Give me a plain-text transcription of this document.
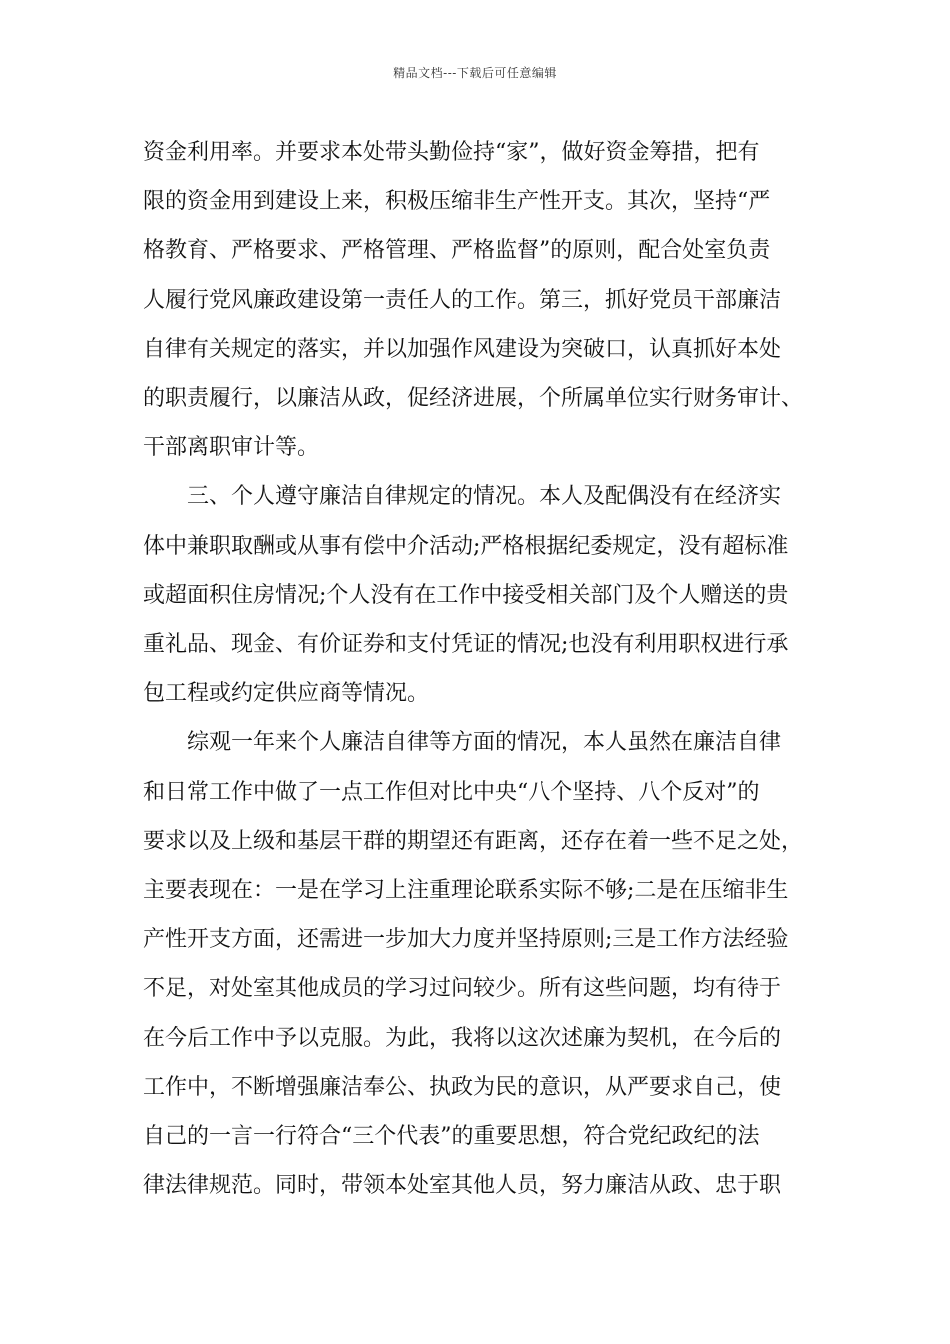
精品文档---下载后可任意编辑
资金利用率。并要求本处带头勤俭持“家”，做好资金筹措，把有
限的资金用到建设上来，积极压缩非生产性开支。其次，坚持“严
格教育、严格要求、严格管理、严格监督”的原则，配合处室负责
人履行党风廉政建设第一责任人的工作。第三，抓好党员干部廉洁
自律有关规定的落实，并以加强作风建设为突破口，认真抓好本处
的职责履行，以廉洁从政，促经济进展，个所属单位实行财务审计、
干部离职审计等。
三、个人遵守廉洁自律规定的情况。本人及配偶没有在经济实
体中兼职取酬或从事有偿中介活动;严格根据纪委规定，没有超标准
或超面积住房情况;个人没有在工作中接受相关部门及个人赠送的贵
重礼品、现金、有价证券和支付凭证的情况;也没有利用职权进行承
包工程或约定供应商等情况。
综观一年来个人廉洁自律等方面的情况，本人虽然在廉洁自律
和日常工作中做了一点工作但对比中央“八个坚持、八个反对”的
要求以及上级和基层干群的期望还有距离，还存在着一些不足之处，
主要表现在：一是在学习上注重理论联系实际不够;二是在压缩非生
产性开支方面，还需进一步加大力度并坚持原则;三是工作方法经验
不足，对处室其他成员的学习过问较少。所有这些问题，均有待于
在今后工作中予以克服。为此，我将以这次述廉为契机，在今后的
工作中，不断增强廉洁奉公、执政为民的意识，从严要求自己，使
自己的一言一行符合“三个代表”的重要思想，符合党纪政纪的法
律法律规范。同时，带领本处室其他人员，努力廉洁从政、忠于职
